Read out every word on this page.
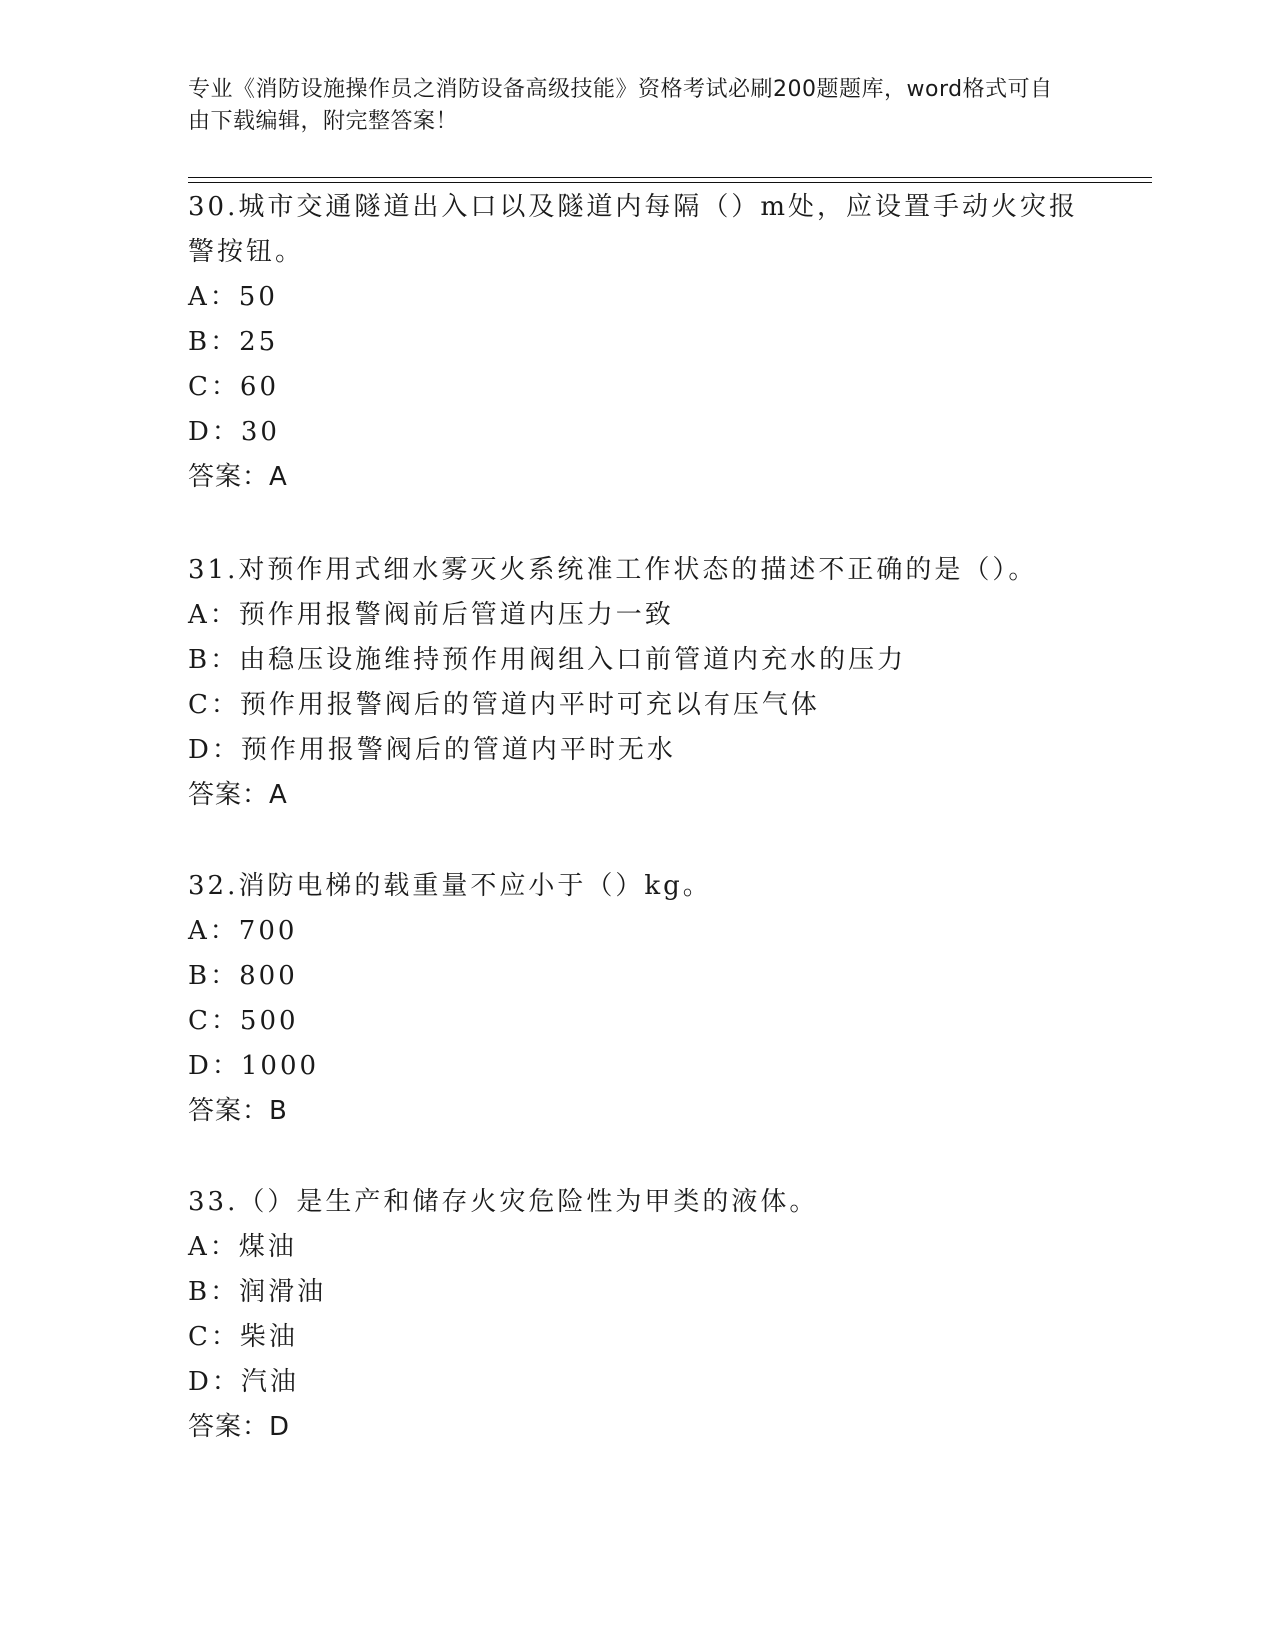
专业《消防设施操作员之消防设备高级技能》资格考试必刷200题题库，word格式可自由下载编辑，附完整答案！

30.城市交通隧道出入口以及隧道内每隔（）m处，应设置手动火灾报警按钮。

A：50

B：25

C：60

D：30

答案：A

31.对预作用式细水雾灭火系统准工作状态的描述不正确的是（）。

A：预作用报警阀前后管道内压力一致

B：由稳压设施维持预作用阀组入口前管道内充水的压力

C：预作用报警阀后的管道内平时可充以有压气体

D：预作用报警阀后的管道内平时无水

答案：A

32.消防电梯的载重量不应小于（）kg。

A：700

B：800

C：500

D：1000

答案：B

33.（）是生产和储存火灾危险性为甲类的液体。

A：煤油

B：润滑油

C：柴油

D：汽油

答案：D
